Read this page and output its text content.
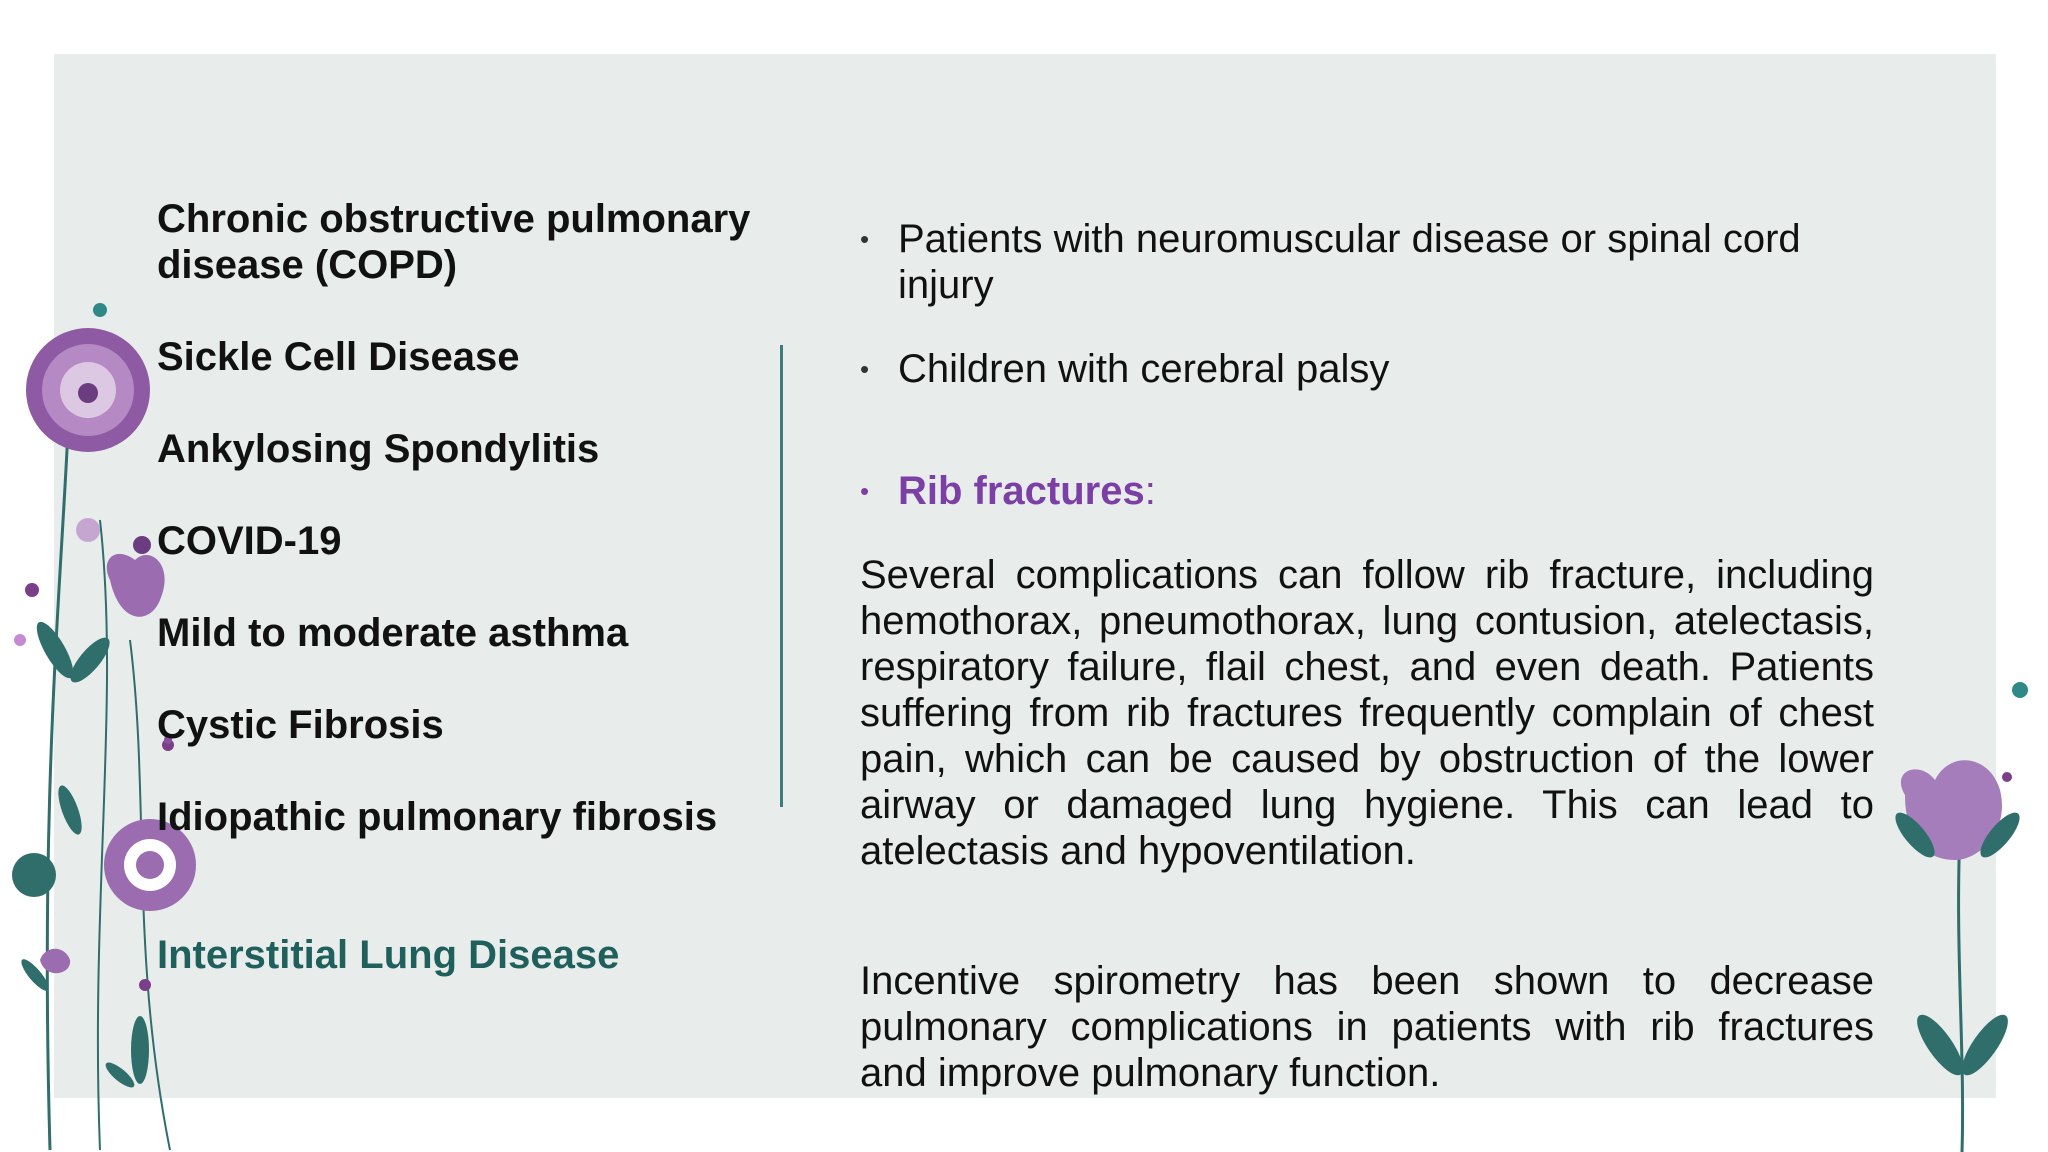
Chronic obstructive pulmonary disease (COPD)
Sickle Cell Disease
Ankylosing Spondylitis
COVID-19
Mild to moderate asthma
Cystic Fibrosis
Idiopathic pulmonary fibrosis
Interstitial Lung Disease
• Patients with neuromuscular disease or spinal cord injury
• Children with cerebral palsy
• Rib fractures:
Several complications can follow rib fracture, including hemothorax, pneumothorax, lung contusion, atelectasis, respiratory failure, flail chest, and even death. Patients suffering from rib fractures frequently complain of chest pain, which can be caused by obstruction of the lower airway or damaged lung hygiene. This can lead to atelectasis and hypoventilation.
Incentive spirometry has been shown to decrease pulmonary complications in patients with rib fractures and improve pulmonary function.
